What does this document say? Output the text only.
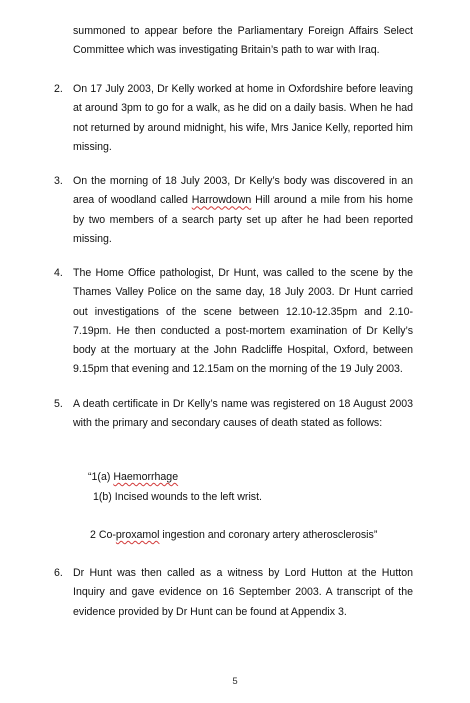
summoned to appear before the Parliamentary Foreign Affairs Select Committee which was investigating Britain’s path to war with Iraq.

2. On 17 July 2003, Dr Kelly worked at home in Oxfordshire before leaving at around 3pm to go for a walk, as he did on a daily basis. When he had not returned by around midnight, his wife, Mrs Janice Kelly, reported him missing.

3. On the morning of 18 July 2003, Dr Kelly’s body was discovered in an area of woodland called Harrowdown Hill around a mile from his home by two members of a search party set up after he had been reported missing.

4. The Home Office pathologist, Dr Hunt, was called to the scene by the Thames Valley Police on the same day, 18 July 2003. Dr Hunt carried out investigations of the scene between 12.10-12.35pm and 2.10-7.19pm. He then conducted a post-mortem examination of Dr Kelly’s body at the mortuary at the John Radcliffe Hospital, Oxford, between 9.15pm that evening and 12.15am on the morning of the 19 July 2003.

5. A death certificate in Dr Kelly’s name was registered on 18 August 2003 with the primary and secondary causes of death stated as follows:

“1(a) Haemorrhage

1(b) Incised wounds to the left wrist.

2 Co-proxamol ingestion and coronary artery atherosclerosis”

6. Dr Hunt was then called as a witness by Lord Hutton at the Hutton Inquiry and gave evidence on 16 September 2003. A transcript of the evidence provided by Dr Hunt can be found at Appendix 3.

5
